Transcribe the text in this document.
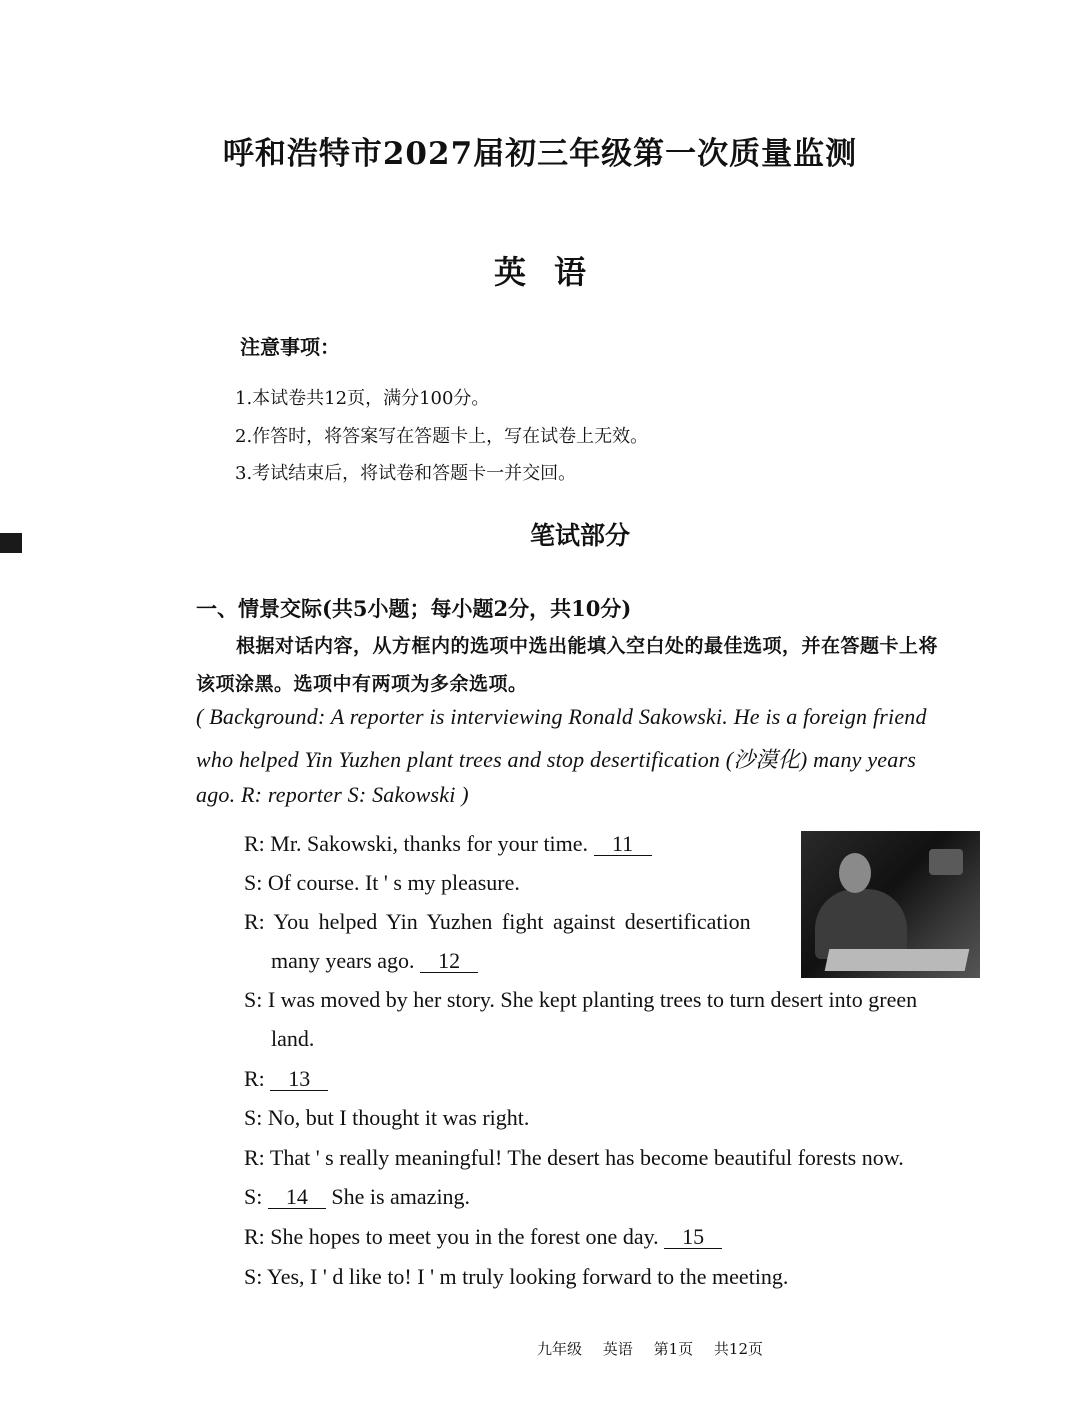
呼和浩特市2027届初三年级第一次质量监测
英语
注意事项：
1.本试卷共12页，满分100分。
2.作答时，将答案写在答题卡上，写在试卷上无效。
3.考试结束后，将试卷和答题卡一并交回。
笔试部分
一、情景交际(共5小题；每小题2分，共10分)
根据对话内容，从方框内的选项中选出能填入空白处的最佳选项，并在答题卡上将
该项涂黑。选项中有两项为多余选项。
( Background: A reporter is interviewing Ronald Sakowski. He is a foreign friend
who helped Yin Yuzhen plant trees and stop desertification (沙漠化) many years
ago. R: reporter S: Sakowski )
R: Mr. Sakowski, thanks for your time. 11
S: Of course. It ' s my pleasure.
R: You helped Yin Yuzhen fight against desertification
many years ago. 12
S: I was moved by her story. She kept planting trees to turn desert into green
land.
R: 13
S: No, but I thought it was right.
R: That ' s really meaningful! The desert has become beautiful forests now.
S: 14 She is amazing.
R: She hopes to meet you in the forest one day. 15
S: Yes, I ' d like to! I ' m truly looking forward to the meeting.
九年级 英语 第1页 共12页
